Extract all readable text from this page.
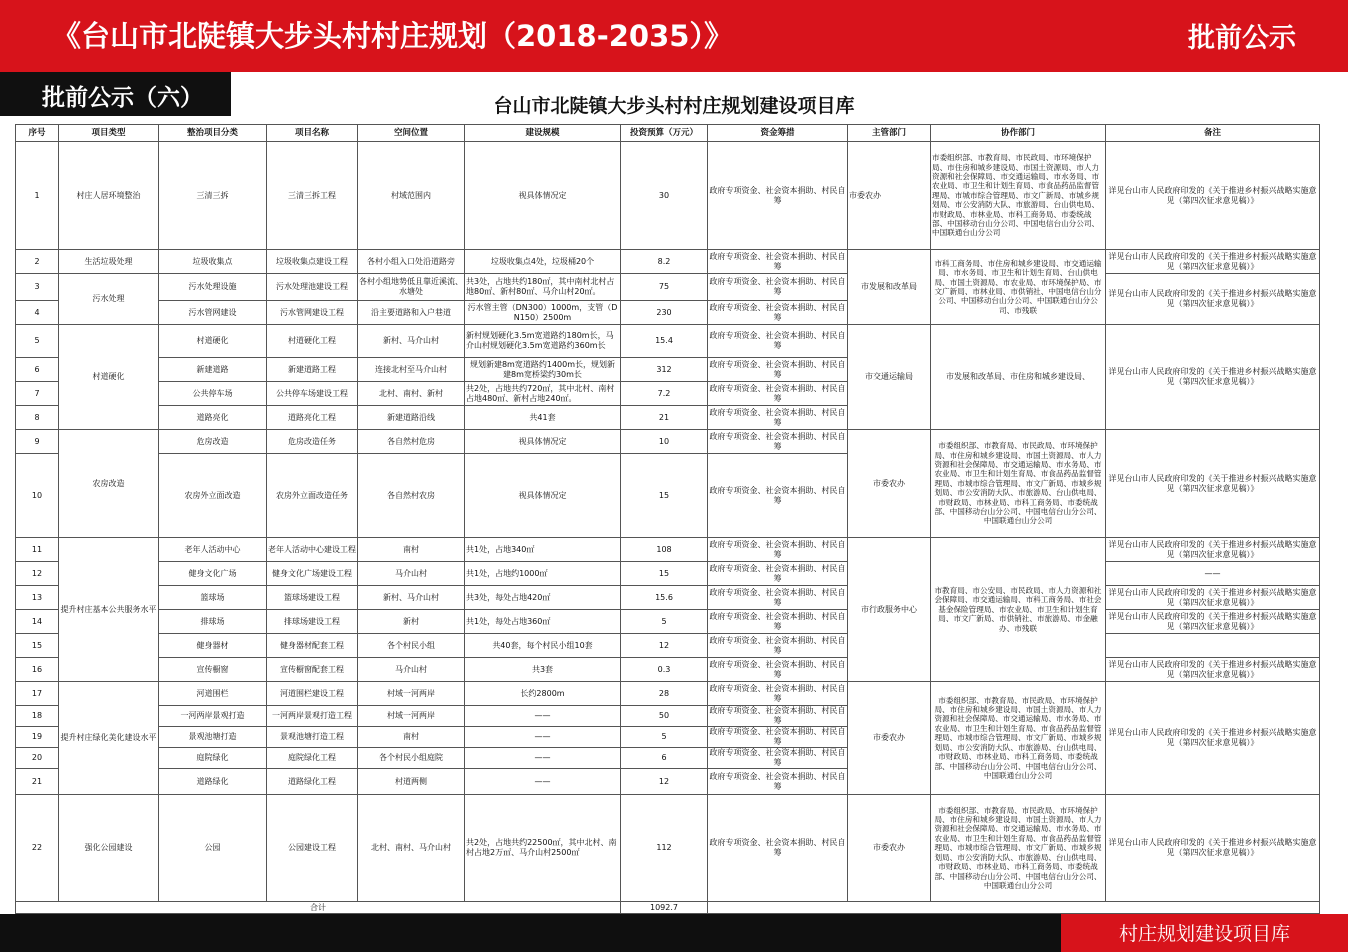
《台山市北陡镇大步头村村庄规划（2018-2035）》	批前公示
批前公示（六）	台山市北陡镇大步头村村庄规划建设项目库
序号	项目类型	整治项目分类	项目名称	空间位置	建设规模	投资预算（万元）	资金筹措	主管部门	协作部门	备注
1	村庄人居环境整治	三清三拆	三清三拆工程	村域范围内	视具体情况定	30	政府专项资金、社会资本捐助、村民自筹	市委农办	市委组织部、市教育局、市民政局、市环境保护局、市住房和城乡建设局、市国土资源局、市人力资源和社会保障局、市交通运输局、市水务局、市农业局、市卫生和计划生育局、市食品药品监督管理局、市城市综合管理局、市文广新局、市城乡规划局、市公安消防大队、市旅游局、台山供电局、市财政局、市林业局、市科工商务局、市委统战部、中国移动台山分公司、中国电信台山分公司、中国联通台山分公司	详见台山市人民政府印发的《关于推进乡村振兴战略实施意见（第四次征求意见稿）》
2	生活垃圾处理	垃圾收集点	垃圾收集点建设工程	各村小组入口处沿道路旁	垃圾收集点4处，垃圾桶20个	8.2	政府专项资金、社会资本捐助、村民自筹	市发展和改革局	市科工商务局、市住房和城乡建设局、市交通运输局、市水务局、市卫生和计划生育局、台山供电局、市国土资源局、市农业局、市环境保护局、市文广新局、市林业局、市供销社、中国电信台山分公司、中国移动台山分公司、中国联通台山分公司、市残联	详见台山市人民政府印发的《关于推进乡村振兴战略实施意见（第四次征求意见稿）》
3	污水处理	污水处理设施	污水处理池建设工程	各村小组地势低且靠近溪流、水塘处	共3处，占地共约180㎡，其中南村北村占地80㎡、新村80㎡、马介山村20㎡。	75	政府专项资金、社会资本捐助、村民自筹			详见台山市人民政府印发的《关于推进乡村振兴战略实施意见（第四次征求意见稿）》
4		污水管网建设	污水管网建设工程	沿主要道路和入户巷道	污水管主管（DN300）1000m，支管（DN150）2500m	230	政府专项资金、社会资本捐助、村民自筹			
5	村道硬化	村道硬化	村道硬化工程	新村、马介山村	新村规划硬化3.5m宽道路约180m长，马介山村规划硬化3.5m宽道路约360m长	15.4	政府专项资金、社会资本捐助、村民自筹	市交通运输局	市发展和改革局、市住房和城乡建设局、	详见台山市人民政府印发的《关于推进乡村振兴战略实施意见（第四次征求意见稿）》
6		新建道路	新建道路工程	连接北村至马介山村	规划新建8m宽道路约1400m长，规划新建8m宽桥梁约30m长	312	政府专项资金、社会资本捐助、村民自筹			
7		公共停车场	公共停车场建设工程	北村、南村、新村	共2处，占地共约720㎡，其中北村、南村占地480㎡、新村占地240㎡。	7.2	政府专项资金、社会资本捐助、村民自筹			
8		道路亮化	道路亮化工程	新建道路沿线	共41套	21	政府专项资金、社会资本捐助、村民自筹			
9	农房改造	危房改造	危房改造任务	各自然村危房	视具体情况定	10	政府专项资金、社会资本捐助、村民自筹	市委农办	市委组织部、市教育局、市民政局、市环境保护局、市住房和城乡建设局、市国土资源局、市人力资源和社会保障局、市交通运输局、市水务局、市农业局、市卫生和计划生育局、市食品药品监督管理局、市城市综合管理局、市文广新局、市城乡规划局、市公安消防大队、市旅游局、台山供电局、市财政局、市林业局、市科工商务局、市委统战部、中国移动台山分公司、中国电信台山分公司、中国联通台山分公司	详见台山市人民政府印发的《关于推进乡村振兴战略实施意见（第四次征求意见稿）》
10		农房外立面改造	农房外立面改造任务	各自然村农房	视具体情况定	15	政府专项资金、社会资本捐助、村民自筹			
11	提升村庄基本公共服务水平	老年人活动中心	老年人活动中心建设工程	南村	共1处，占地340㎡	108	政府专项资金、社会资本捐助、村民自筹	市行政服务中心	市教育局、市公安局、市民政局、市人力资源和社会保障局、市交通运输局、市科工商务局、市社会基金保险管理局、市农业局、市卫生和计划生育局、市文广新局、市供销社、市旅游局、市金融办、市残联	详见台山市人民政府印发的《关于推进乡村振兴战略实施意见（第四次征求意见稿）》
12		健身文化广场	健身文化广场建设工程	马介山村	共1处，占地约1000㎡	15	政府专项资金、社会资本捐助、村民自筹			——
13		篮球场	篮球场建设工程	新村、马介山村	共3处，每处占地420㎡	15.6	政府专项资金、社会资本捐助、村民自筹			详见台山市人民政府印发的《关于推进乡村振兴战略实施意见（第四次征求意见稿）》
14		排球场	排球场建设工程	新村	共1处，每处占地360㎡	5	政府专项资金、社会资本捐助、村民自筹			详见台山市人民政府印发的《关于推进乡村振兴战略实施意见（第四次征求意见稿）》
15		健身器材	健身器材配套工程	各个村民小组	共40套，每个村民小组10套	12	政府专项资金、社会资本捐助、村民自筹			
16		宣传橱窗	宣传橱窗配套工程	马介山村	共3套	0.3	政府专项资金、社会资本捐助、村民自筹			详见台山市人民政府印发的《关于推进乡村振兴战略实施意见（第四次征求意见稿）》
17	提升村庄绿化美化建设水平	河道围栏	河道围栏建设工程	村域一河两岸	长约2800m	28	政府专项资金、社会资本捐助、村民自筹	市委农办	市委组织部、市教育局、市民政局、市环境保护局、市住房和城乡建设局、市国土资源局、市人力资源和社会保障局、市交通运输局、市水务局、市农业局、市卫生和计划生育局、市食品药品监督管理局、市城市综合管理局、市文广新局、市城乡规划局、市公安消防大队、市旅游局、台山供电局、市财政局、市林业局、市科工商务局、市委统战部、中国移动台山分公司、中国电信台山分公司、中国联通台山分公司	详见台山市人民政府印发的《关于推进乡村振兴战略实施意见（第四次征求意见稿）》
18		一河两岸景观打造	一河两岸景观打造工程	村域一河两岸	——	50	政府专项资金、社会资本捐助、村民自筹			
19		景观池塘打造	景观池塘打造工程	南村	——	5	政府专项资金、社会资本捐助、村民自筹			
20		庭院绿化	庭院绿化工程	各个村民小组庭院	——	6	政府专项资金、社会资本捐助、村民自筹			
21		道路绿化	道路绿化工程	村道两侧	——	12	政府专项资金、社会资本捐助、村民自筹			
22	强化公园建设	公园	公园建设工程	北村、南村、马介山村	共2处，占地共约22500㎡，其中北村、南村占地2万㎡、马介山村2500㎡	112	政府专项资金、社会资本捐助、村民自筹	市委农办	市委组织部、市教育局、市民政局、市环境保护局、市住房和城乡建设局、市国土资源局、市人力资源和社会保障局、市交通运输局、市水务局、市农业局、市卫生和计划生育局、市食品药品监督管理局、市城市综合管理局、市文广新局、市城乡规划局、市公安消防大队、市旅游局、台山供电局、市财政局、市林业局、市科工商务局、市委统战部、中国移动台山分公司、中国电信台山分公司、中国联通台山分公司	详见台山市人民政府印发的《关于推进乡村振兴战略实施意见（第四次征求意见稿）》
合计						1092.7				
村庄规划建设项目库
